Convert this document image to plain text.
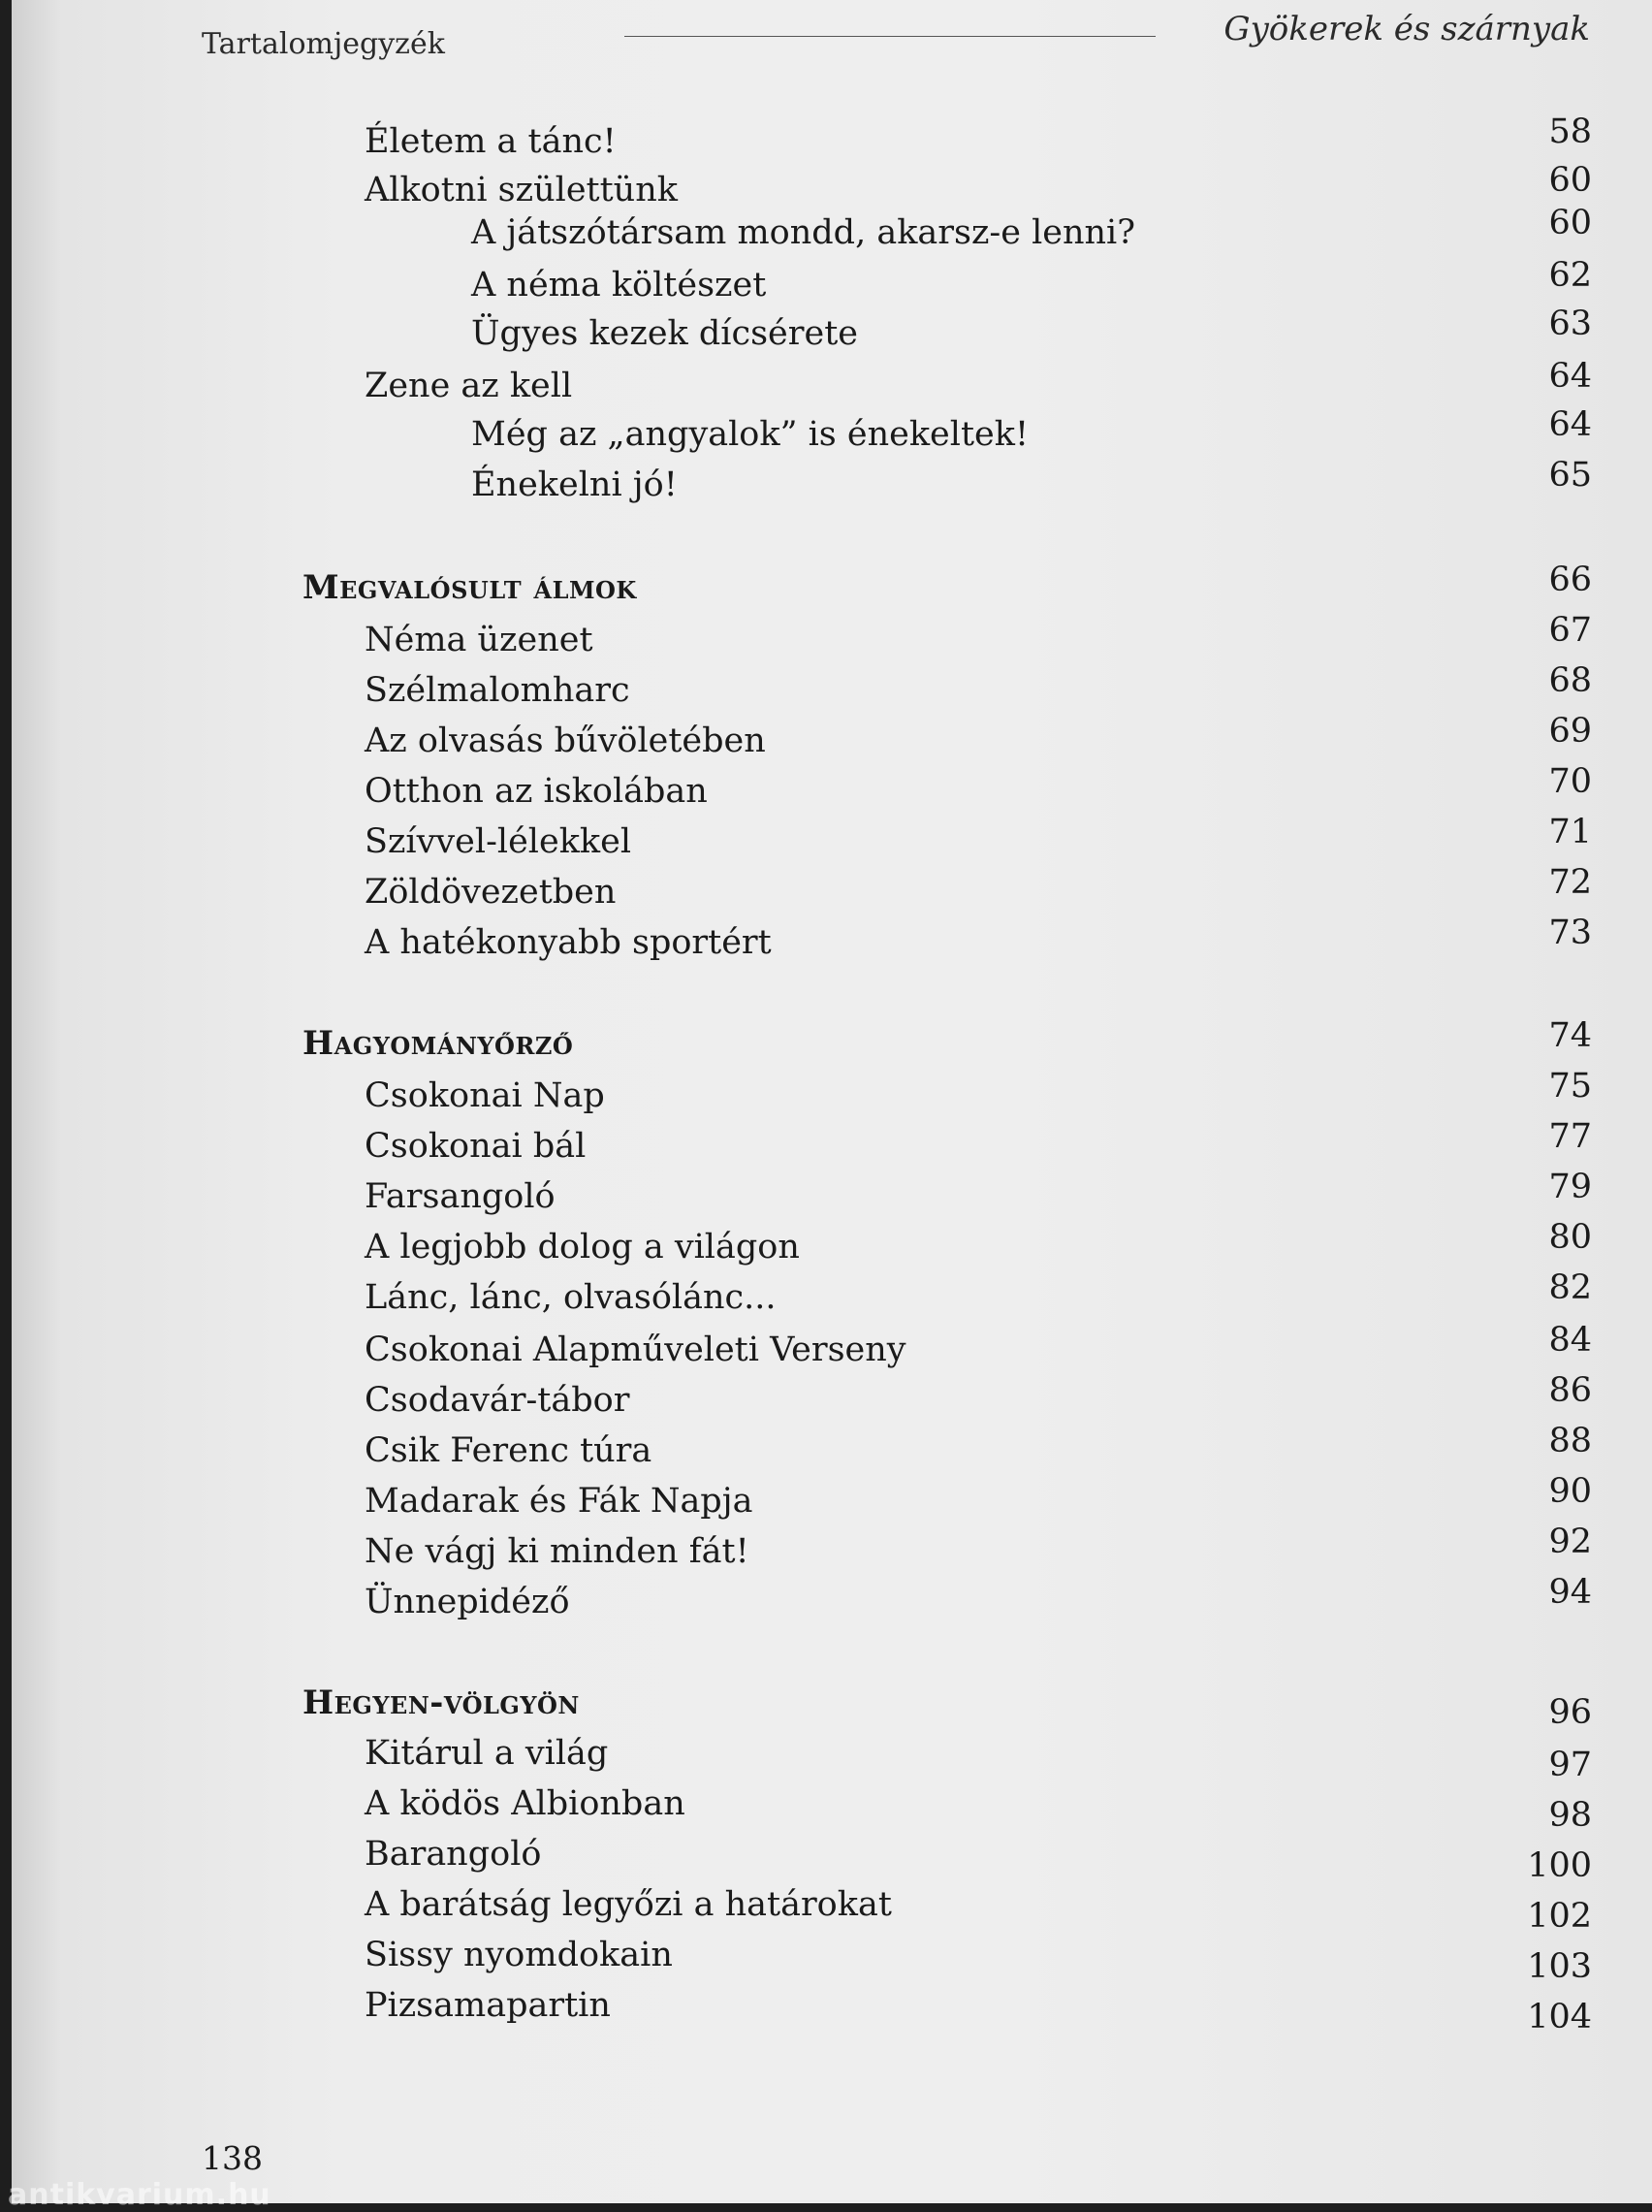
Tartalomjegyzék	Gyökerek és szárnyak
Életem a tánc!	58
Alkotni születtünk	60
A játszótársam mondd, akarsz-e lenni?	60
A néma költészet	62
Ügyes kezek dícsérete	63
Zene az kell	64
Még az „angyalok” is énekeltek!	64
Énekelni jó!	65
Megvalósult álmok	66
Néma üzenet	67
Szélmalomharc	68
Az olvasás bűvöletében	69
Otthon az iskolában	70
Szívvel-lélekkel	71
Zöldövezetben	72
A hatékonyabb sportért	73
Hagyományőrző	74
Csokonai Nap	75
Csokonai bál	77
Farsangoló	79
A legjobb dolog a világon	80
Lánc, lánc, olvasólánc...	82
Csokonai Alapműveleti Verseny	84
Csodavár-tábor	86
Csik Ferenc túra	88
Madarak és Fák Napja	90
Ne vágj ki minden fát!	92
Ünnepidéző	94
Hegyen-völgyön	96
Kitárul a világ	97
A ködös Albionban	98
Barangoló	100
A barátság legyőzi a határokat	102
Sissy nyomdokain	103
Pizsamapartin	104
138
antikvarium.hu
